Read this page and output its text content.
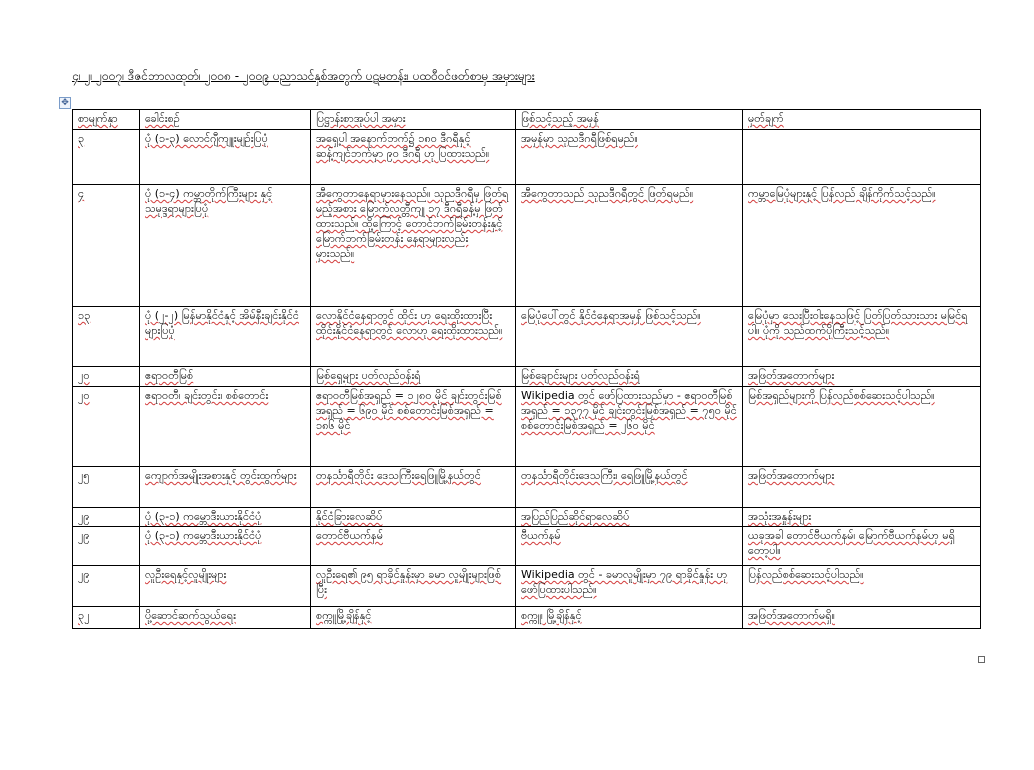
၄၊ ၂၊ ၂၀၀၇၊ ဒီဇင်ဘာလထုတ်၊ ၂၀၀၈ - ၂၀၀၉ ပညာသင်နှစ်အတွက် ပဋမတန်း၊ ပထဝီဝင်ဖတ်စာမှ အမှားများ
✥
စာမျက်နှာ	ခေါင်းစဉ်	ပြဋ္ဌာန်းစာအုပ်ပါ အမှား	ဖြစ်သင့်သည့် အမှန်	မှတ်ချက်
၃	ပုံ (၁-၃) လောင်ဂျီကျူးမျဉ်းပြပုံ	အရှေ့ပါ အနောက်ဘက်၌ ၁၈၀ ဒီဂရီနှင့်ဆန့်ကျင်ဘက်မှာ ၉၀ ဒီဂရီ ဟု ပြထားသည်။	အမှန်မှာ သုညဒီဂရီဖြစ်ရမည်။	
၄	ပုံ (၁-၄) ကမ္ဘာတိုက်ကြီးများ နှင့် သမုဒ္ဒရာများပြပုံ	အီကွေတာနေရာမှားနေသည်။ သုညဒီဂရီမှ ဖြတ်ရမည့်အစား မြောက်လတ္တီကျု ၁၇ ဒီဂရီခန့်မှ ဖြတ်ထားသည်။ ထို့ကြောင့် တောင်ဘက်ခြမ်းတန်းနှင့် မြောက်ဘက်ခြမ်းတန်း နေရာများလည်း မှားသည်။	အီကွေတာသည် သုညဒီဂရီတွင် ဖြတ်ရမည်။	ကမ္ဘာမြေပုံများနှင့် ပြန်လည် ချိန်ကိုက်သင့်သည်။
၁၃	ပုံ (၂-၂) မြန်မာနိုင်ငံနှင့် အိမ်နီးချင်းနိုင်ငံများပြပုံ	လောနိုင်ငံနေရာတွင် ထိုင်း ဟု ရေးထိုးထားပြီး ထိုင်းနိုင်ငံနေရာတွင် လောဟု ရေးထိုးထားသည်။	မြေပုံပေါ်တွင် နိုင်ငံနေရာအမှန် ဖြစ်သင့်သည်။	မြေပုံမှာ သေးပြီးဝါးနေသဖြင့် ပြတ်ပြတ်သားသား မမြင်ရပါ။ ပုံကို သည်ထက်ပိုကြီးသင့်သည်။
၂၀	ဧရာဝတီမြစ်	မြစ်ရှေ့များ ပတ်လည်ဝန်းရံ	မြစ်ချောင်းများ ပတ်လည်ဝန်းရံ	အဖြတ်အတောက်များ
၂၀	ဧရာဝတီ၊ ချင်းတွင်း၊ စစ်တောင်း	ဧရာဝတီမြစ်အရှည် = ၁၂၈၀ မိုင် ချင်းတွင်းမြစ်အရှည် = ၆၉၀ မိုင် စစ်တောင်းမြစ်အရှည် = ၁၈၆ မိုင်	Wikipedia တွင် ဖော်ပြထားသည်မှာ - ဧရာဝတီမြစ်အရှည် = ၁၃၇၇ မိုင် ချင်းတွင်းမြစ်အရှည် = ၇၅၀ မိုင် စစ်တောင်းမြစ်အရှည် = ၂၆၀ မိုင်	မြစ်အရှည်များကို ပြန်လည်စစ်ဆေးသင့်ပါသည်။
၂၅	ကျောက်အမျိုးအစားနှင့် တွင်းထွက်များ	တနင်္သာရီတိုင်း ဒေသကြီးရေဖြူမြို့နယ်တွင်	တနင်္သာရီတိုင်းဒေသကြီး၊ ရေဖြူမြို့နယ်တွင်	အဖြတ်အတောက်များ
၂၉	ပုံ (၃-၁) ကမ္ဘောဒီးယားနိုင်ငံပုံ	နိုင်ငံခြားလေဆိပ်	အပြည်ပြည်ဆိုင်ရာလေဆိပ်	အသုံးအနှုန်းများ
၂၉	ပုံ (၃-၁) ကမ္ဘောဒီးယားနိုင်ငံပုံ	တောင်ဗီယက်နမ်	ဗီယက်နမ်	ယခုအခါ တောင်ဗီယက်နမ်၊ မြောက်ဗီယက်နမ်ဟု မရှိတော့ပါ။
၂၉	လူဦးရေနှင့်လူမျိုးများ	လူဦးရေ၏ ၉၅ ရာခိုင်နှုန်းမှာ ခမာ လူမျိုးများဖြစ်ပြီး	Wikipedia တွင် - ခမာလူမျိုးမှာ ၇၉ ရာခိုင်နှုန်း ဟု ဖော်ပြထားပါသည်။	ပြန်လည်စစ်ဆေးသင့်ပါသည်။
၃၂	ပို့ဆောင်ဆက်သွယ်ရေး	စက္ကူမြို့ချိန်နှင့်	စက္ကူ၊ မြို့ချိန်နှင့်	အဖြတ်အတောက်မရှိ။
